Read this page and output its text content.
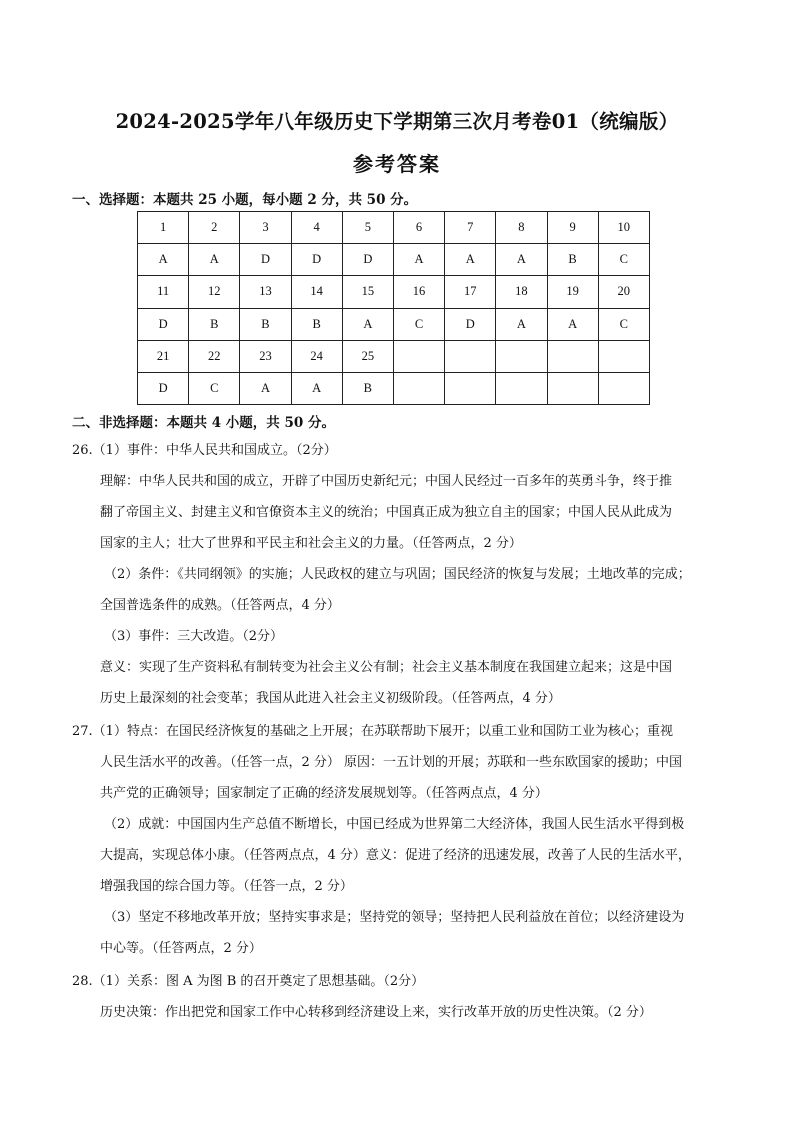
2024-2025学年八年级历史下学期第三次月考卷01（统编版）
参考答案
一、选择题：本题共 25 小题，每小题 2 分，共 50 分。
1	2	3	4	5	6	7	8	9	10
A	A	D	D	D	A	A	A	B	C
11	12	13	14	15	16	17	18	19	20
D	B	B	B	A	C	D	A	A	C
21	22	23	24	25					
D	C	A	A	B					
二、非选择题：本题共 4 小题，共 50 分。
26.（1）事件：中华人民共和国成立。（2分）
理解：中华人民共和国的成立，开辟了中国历史新纪元；中国人民经过一百多年的英勇斗争，终于推
翻了帝国主义、封建主义和官僚资本主义的统治；中国真正成为独立自主的国家；中国人民从此成为
国家的主人；壮大了世界和平民主和社会主义的力量。（任答两点，2 分）
（2）条件：《共同纲领》的实施；人民政权的建立与巩固；国民经济的恢复与发展；土地改革的完成；
全国普选条件的成熟。（任答两点，4 分）
（3）事件：三大改造。（2分）
意义：实现了生产资料私有制转变为社会主义公有制；社会主义基本制度在我国建立起来；这是中国
历史上最深刻的社会变革；我国从此进入社会主义初级阶段。（任答两点，4 分）
27.（1）特点：在国民经济恢复的基础之上开展；在苏联帮助下展开；以重工业和国防工业为核心；重视
人民生活水平的改善。（任答一点，2 分） 原因：一五计划的开展；苏联和一些东欧国家的援助；中国
共产党的正确领导；国家制定了正确的经济发展规划等。（任答两点点，4 分）
（2）成就：中国国内生产总值不断增长，中国已经成为世界第二大经济体，我国人民生活水平得到极
大提高，实现总体小康。（任答两点点，4 分）意义：促进了经济的迅速发展，改善了人民的生活水平，
增强我国的综合国力等。（任答一点，2 分）
（3）坚定不移地改革开放；坚持实事求是；坚持党的领导；坚持把人民利益放在首位；以经济建设为
中心等。（任答两点，2 分）
28.（1）关系：图 A 为图 B 的召开奠定了思想基础。（2分）
历史决策：作出把党和国家工作中心转移到经济建设上来，实行改革开放的历史性决策。（2 分）
